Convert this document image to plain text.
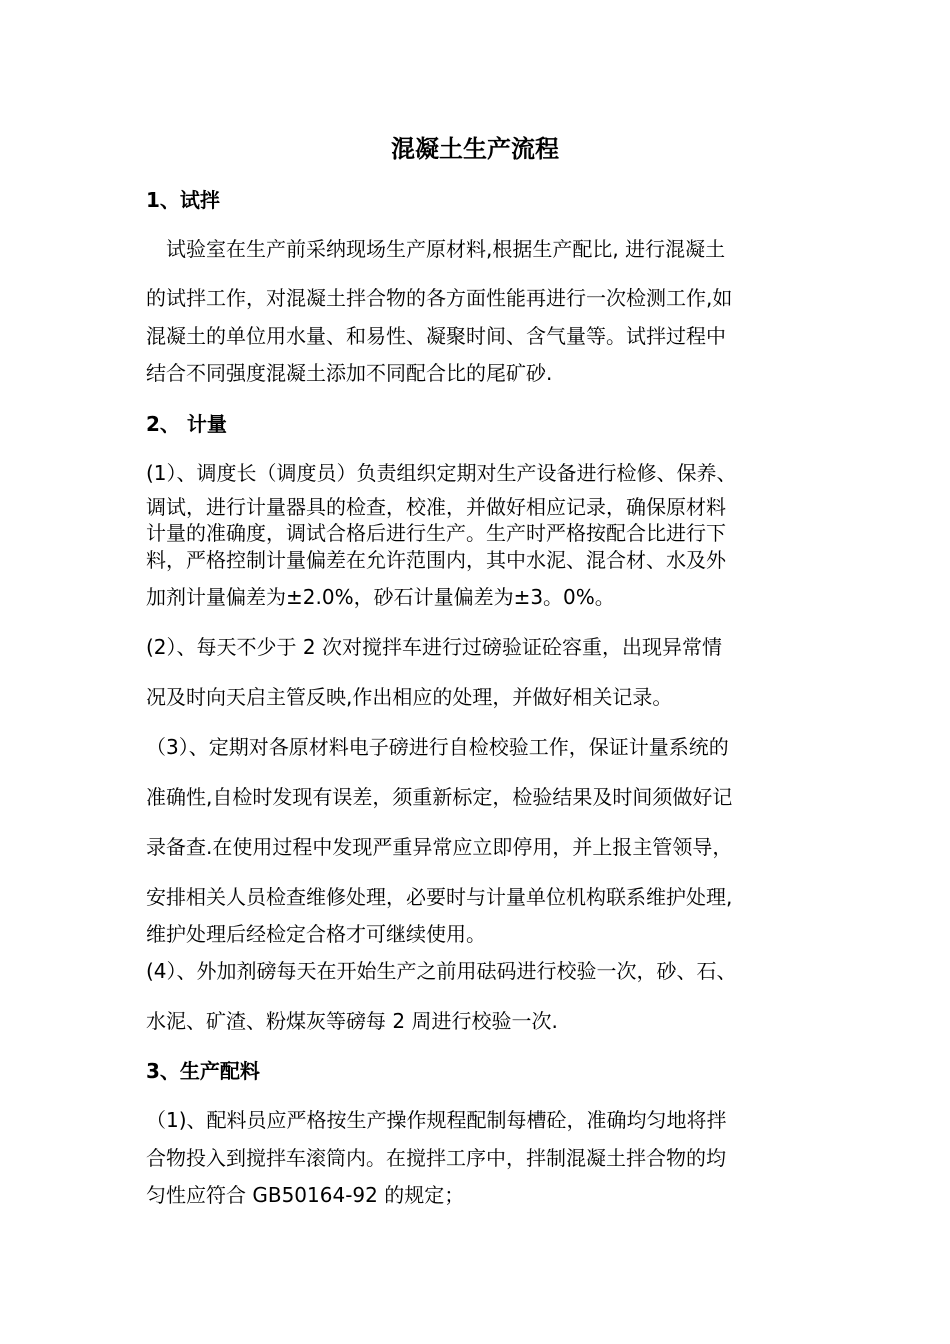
混凝土生产流程
1、试拌

试验室在生产前采纳现场生产原材料,根据生产配比, 进行混凝土

的试拌工作，对混凝土拌合物的各方面性能再进行一次检测工作,如

混凝土的单位用水量、和易性、凝聚时间、含气量等。试拌过程中

结合不同强度混凝土添加不同配合比的尾矿砂.

2、 计量

(1）、调度长（调度员）负责组织定期对生产设备进行检修、保养、

调试，进行计量器具的检查，校准，并做好相应记录，确保原材料

计量的准确度，调试合格后进行生产。生产时严格按配合比进行下

料，严格控制计量偏差在允许范围内，其中水泥、混合材、水及外

加剂计量偏差为±2.0%，砂石计量偏差为±3。0%。

(2）、每天不少于 2 次对搅拌车进行过磅验证砼容重，出现异常情

况及时向天启主管反映,作出相应的处理，并做好相关记录。

（3）、定期对各原材料电子磅进行自检校验工作，保证计量系统的

准确性,自检时发现有误差，须重新标定，检验结果及时间须做好记

录备查.在使用过程中发现严重异常应立即停用，并上报主管领导，

安排相关人员检查维修处理，必要时与计量单位机构联系维护处理,

维护处理后经检定合格才可继续使用。

(4）、外加剂磅每天在开始生产之前用砝码进行校验一次，砂、石、

水泥、矿渣、粉煤灰等磅每 2 周进行校验一次.

3、生产配料

（1)、配料员应严格按生产操作规程配制每槽砼，准确均匀地将拌

合物投入到搅拌车滚筒内。在搅拌工序中，拌制混凝土拌合物的均

匀性应符合 GB50164-92 的规定；
